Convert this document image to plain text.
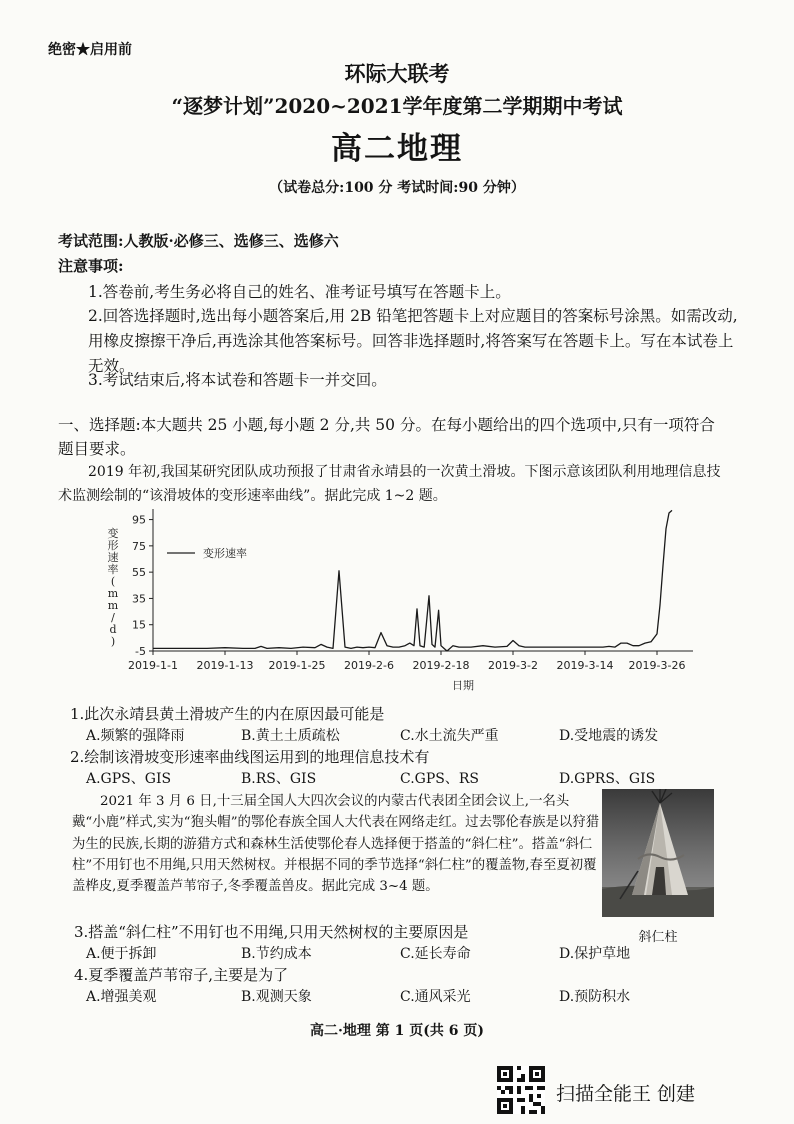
绝密★启用前
环际大联考
“逐梦计划”2020~2021学年度第二学期期中考试
高二地理
（试卷总分:100 分 考试时间:90 分钟）
考试范围:人教版·必修三、选修三、选修六
注意事项:
1.答卷前,考生务必将自己的姓名、准考证号填写在答题卡上。
2.回答选择题时,选出每小题答案后,用 2B 铅笔把答题卡上对应题目的答案标号涂黑。如需改动,用橡皮擦擦干净后,再选涂其他答案标号。回答非选择题时,将答案写在答题卡上。写在本试卷上无效。
3.考试结束后,将本试卷和答题卡一并交回。
一、选择题:本大题共 25 小题,每小题 2 分,共 50 分。在每小题给出的四个选项中,只有一项符合题目要求。
2019 年初,我国某研究团队成功预报了甘肃省永靖县的一次黄土滑坡。下图示意该团队利用地理信息技术监测绘制的“该滑坡体的变形速率曲线”。据此完成 1~2 题。
95
75
55
35
15
-5
2019-1-1 2019-1-13 2019-1-25 2019-2-6 2019-2-18 2019-3-2 2019-3-14 2019-3-26
日期
变
形
速
率
(
m
m
/
d
)
变形速率
1.此次永靖县黄土滑坡产生的内在原因最可能是
A.频繁的强降雨	B.黄土土质疏松	C.水土流失严重	D.受地震的诱发
2.绘制该滑坡变形速率曲线图运用到的地理信息技术有
A.GPS、GIS	B.RS、GIS	C.GPS、RS	D.GPRS、GIS
2021 年 3 月 6 日,十三届全国人大四次会议的内蒙古代表团全团会议上,一名头戴“小鹿”样式,实为“狍头帽”的鄂伦春族全国人大代表在网络走红。过去鄂伦春族是以狩猎为生的民族,长期的游猎方式和森林生活使鄂伦春人选择便于搭盖的“斜仁柱”。搭盖“斜仁柱”不用钉也不用绳,只用天然树杈。并根据不同的季节选择“斜仁柱”的覆盖物,春至夏初覆盖桦皮,夏季覆盖芦苇帘子,冬季覆盖兽皮。据此完成 3~4 题。
斜仁柱
3.搭盖“斜仁柱”不用钉也不用绳,只用天然树杈的主要原因是
A.便于拆卸	B.节约成本	C.延长寿命	D.保护草地
4.夏季覆盖芦苇帘子,主要是为了
A.增强美观	B.观测天象	C.通风采光	D.预防积水
高二·地理 第 1 页(共 6 页)
扫描全能王 创建
